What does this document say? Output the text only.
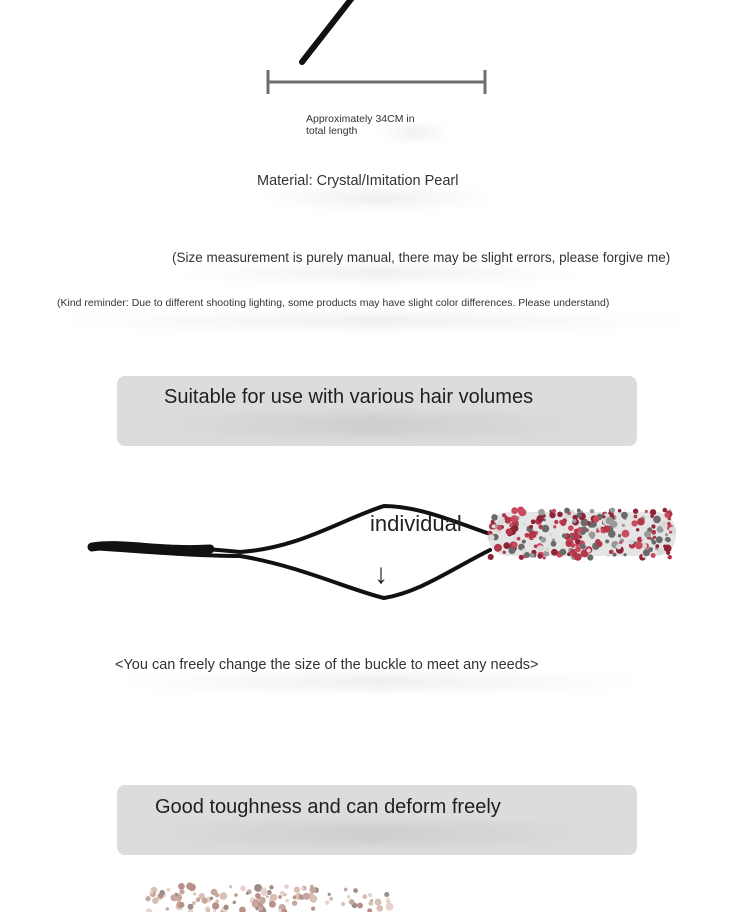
Approximately 34CM in total length
Material: Crystal/Imitation Pearl
(Size measurement is purely manual, there may be slight errors, please forgive me)
(Kind reminder: Due to different shooting lighting, some products may have slight color differences. Please understand)
Suitable for use with various hair volumes
individual
↓
<You can freely change the size of the buckle to meet any needs>
Good toughness and can deform freely
